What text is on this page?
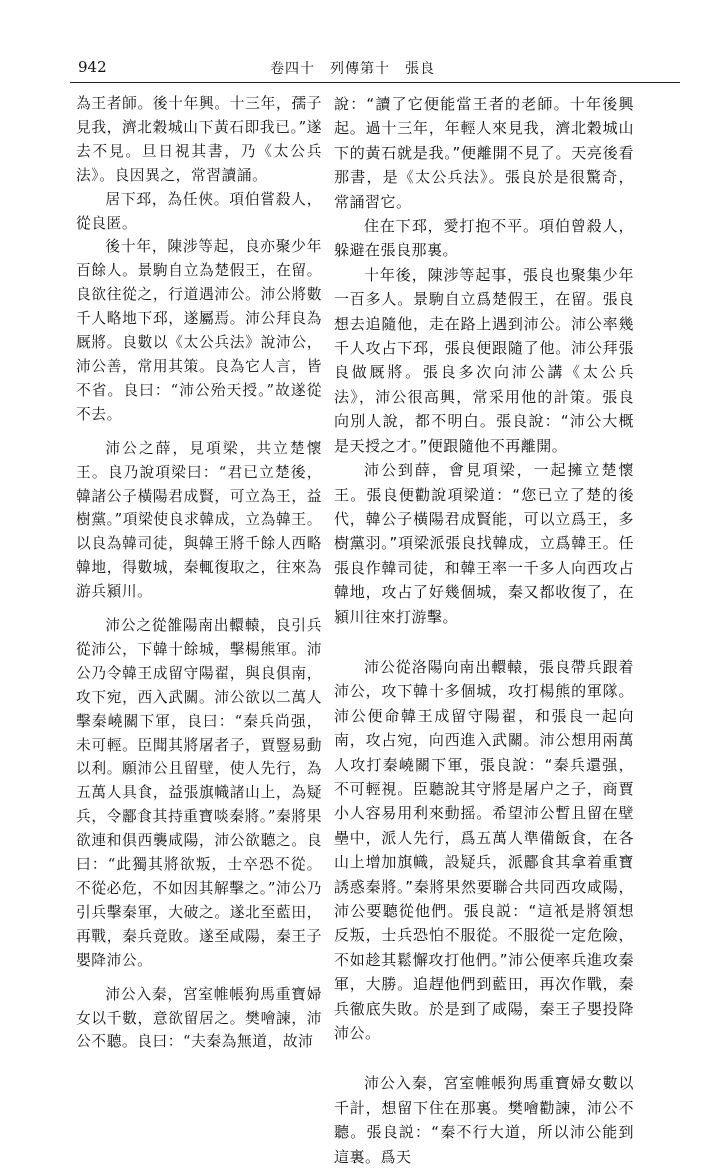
942	卷四十　列傳第十　張良

為王者師。後十年興。十三年，孺子見我，濟北穀城山下黃石即我已。”遂去不見。旦日視其書，乃《太公兵法》。良因異之，常習讀誦。

居下邳，為任俠。項伯嘗殺人，從良匿。

後十年，陳涉等起，良亦聚少年百餘人。景駒自立為楚假王，在留。良欲往從之，行道遇沛公。沛公將數千人略地下邳，遂屬焉。沛公拜良為厩將。良數以《太公兵法》說沛公，沛公善，常用其策。良為它人言，皆不省。良曰：“沛公殆天授。”故遂從不去。

沛公之薛，見項梁，共立楚懷王。良乃說項梁曰：“君已立楚後，韓諸公子橫陽君成賢，可立為王，益樹黨。”項梁使良求韓成，立為韓王。以良為韓司徒，與韓王將千餘人西略韓地，得數城，秦輒復取之，往來為游兵潁川。

沛公之從雒陽南出轘轅，良引兵從沛公，下韓十餘城，擊楊熊軍。沛公乃令韓王成留守陽翟，與良俱南，攻下宛，西入武關。沛公欲以二萬人擊秦嶢關下軍，良曰：“秦兵尚强，未可輕。臣聞其將屠者子，賈豎易動以利。願沛公且留壁，使人先行，為五萬人具食，益張旗幟諸山上，為疑兵，令酈食其持重寶啖秦將。”秦將果欲連和俱西襲咸陽，沛公欲聽之。良曰：“此獨其將欲叛，士卒恐不從。不從必危，不如因其解擊之。”沛公乃引兵擊秦軍，大破之。遂北至藍田，再戰，秦兵竟敗。遂至咸陽，秦王子嬰降沛公。

沛公入秦，宮室帷帳狗馬重寶婦女以千數，意欲留居之。樊噲諫，沛公不聽。良曰：“夫秦為無道，故沛

說：“讀了它便能當王者的老師。十年後興起。過十三年，年輕人來見我，濟北穀城山下的黃石就是我。”便離開不見了。天亮後看那書，是《太公兵法》。張良於是很驚奇，常誦習它。

住在下邳，愛打抱不平。項伯曾殺人，躲避在張良那裏。

十年後，陳涉等起事，張良也聚集少年一百多人。景駒自立爲楚假王，在留。張良想去追隨他，走在路上遇到沛公。沛公率幾千人攻占下邳，張良便跟隨了他。沛公拜張良做厩將。張良多次向沛公講《太公兵法》，沛公很高興，常采用他的計策。張良向別人說，都不明白。張良說：“沛公大概是天授之才。”便跟隨他不再離開。

沛公到薛，會見項梁，一起擁立楚懷王。張良便勸說項梁道：“您已立了楚的後代，韓公子橫陽君成賢能，可以立爲王，多樹黨羽。”項梁派張良找韓成，立爲韓王。任張良作韓司徒，和韓王率一千多人向西攻占韓地，攻占了好幾個城，秦又都收復了，在潁川往來打游擊。

沛公從洛陽向南出轘轅，張良帶兵跟着沛公，攻下韓十多個城，攻打楊熊的軍隊。沛公便命韓王成留守陽翟，和張良一起向南，攻占宛，向西進入武關。沛公想用兩萬人攻打秦嶢關下軍，張良說：“秦兵還强，不可輕視。臣聽說其守將是屠户之子，商賈小人容易用利來動摇。希望沛公暫且留在壁壘中，派人先行，爲五萬人準備飯食，在各山上增加旗幟，設疑兵，派酈食其拿着重寶誘惑秦將。”秦將果然要聯合共同西攻咸陽，沛公要聽從他們。張良説：“這衹是將領想反叛，士兵恐怕不服從。不服從一定危險，不如趁其鬆懈攻打他們。”沛公便率兵進攻秦軍，大勝。追趕他們到藍田，再次作戰，秦兵徹底失敗。於是到了咸陽，秦王子嬰投降沛公。

沛公入秦，宮室帷帳狗馬重寶婦女數以千計，想留下住在那裏。樊噲勸諫，沛公不聽。張良説：“秦不行大道，所以沛公能到這裏。爲天
